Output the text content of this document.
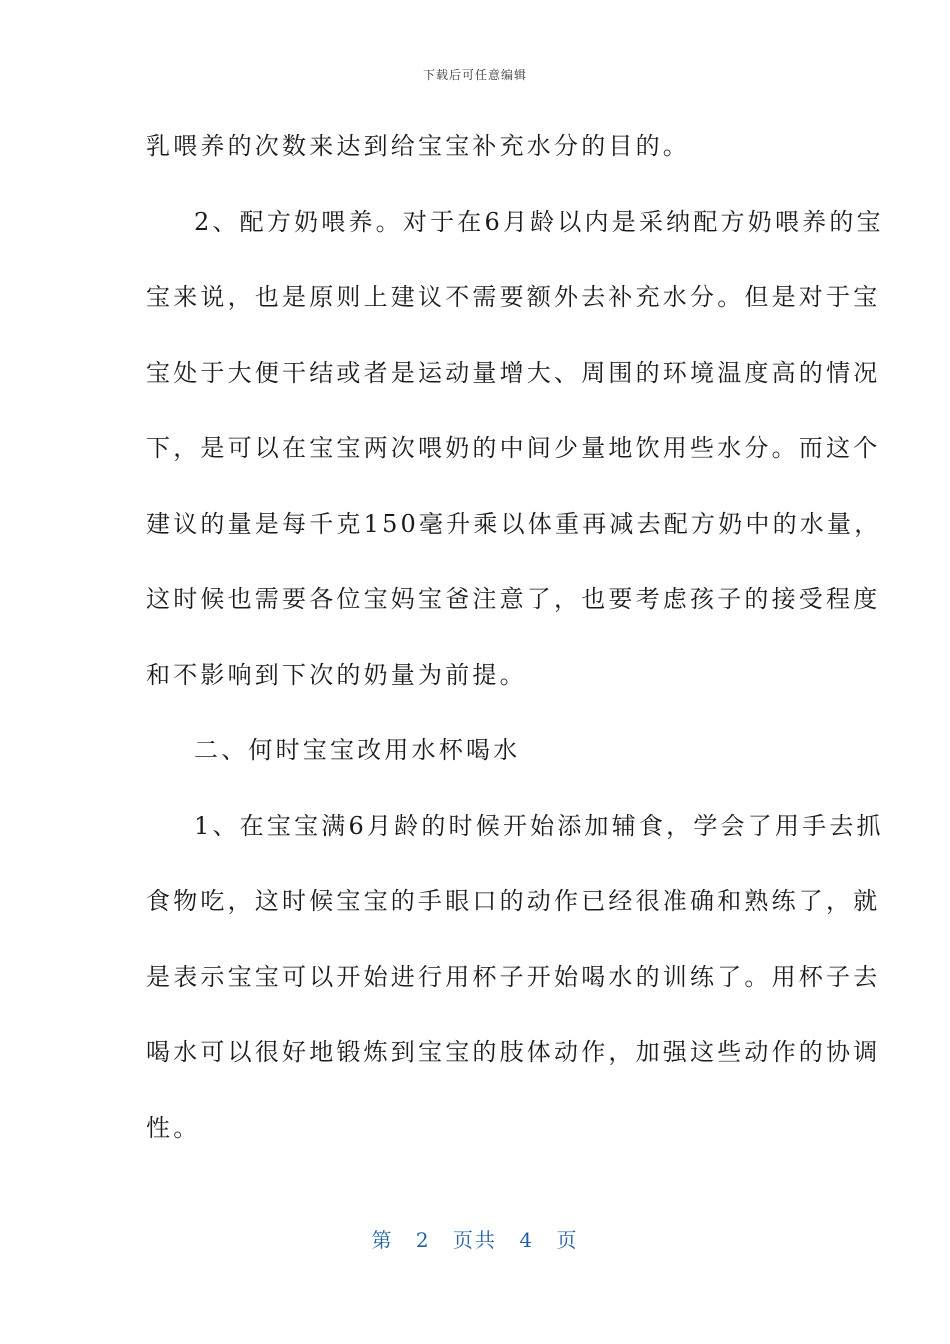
下载后可任意编辑
乳喂养的次数来达到给宝宝补充水分的目的。
2、配方奶喂养。对于在6月龄以内是采纳配方奶喂养的宝
宝来说，也是原则上建议不需要额外去补充水分。但是对于宝
宝处于大便干结或者是运动量增大、周围的环境温度高的情况
下，是可以在宝宝两次喂奶的中间少量地饮用些水分。而这个
建议的量是每千克150毫升乘以体重再减去配方奶中的水量，
这时候也需要各位宝妈宝爸注意了，也要考虑孩子的接受程度
和不影响到下次的奶量为前提。
二、何时宝宝改用水杯喝水
1、在宝宝满6月龄的时候开始添加辅食，学会了用手去抓
食物吃，这时候宝宝的手眼口的动作已经很准确和熟练了，就
是表示宝宝可以开始进行用杯子开始喝水的训练了。用杯子去
喝水可以很好地锻炼到宝宝的肢体动作，加强这些动作的协调
性。
第 2 页共 4 页
